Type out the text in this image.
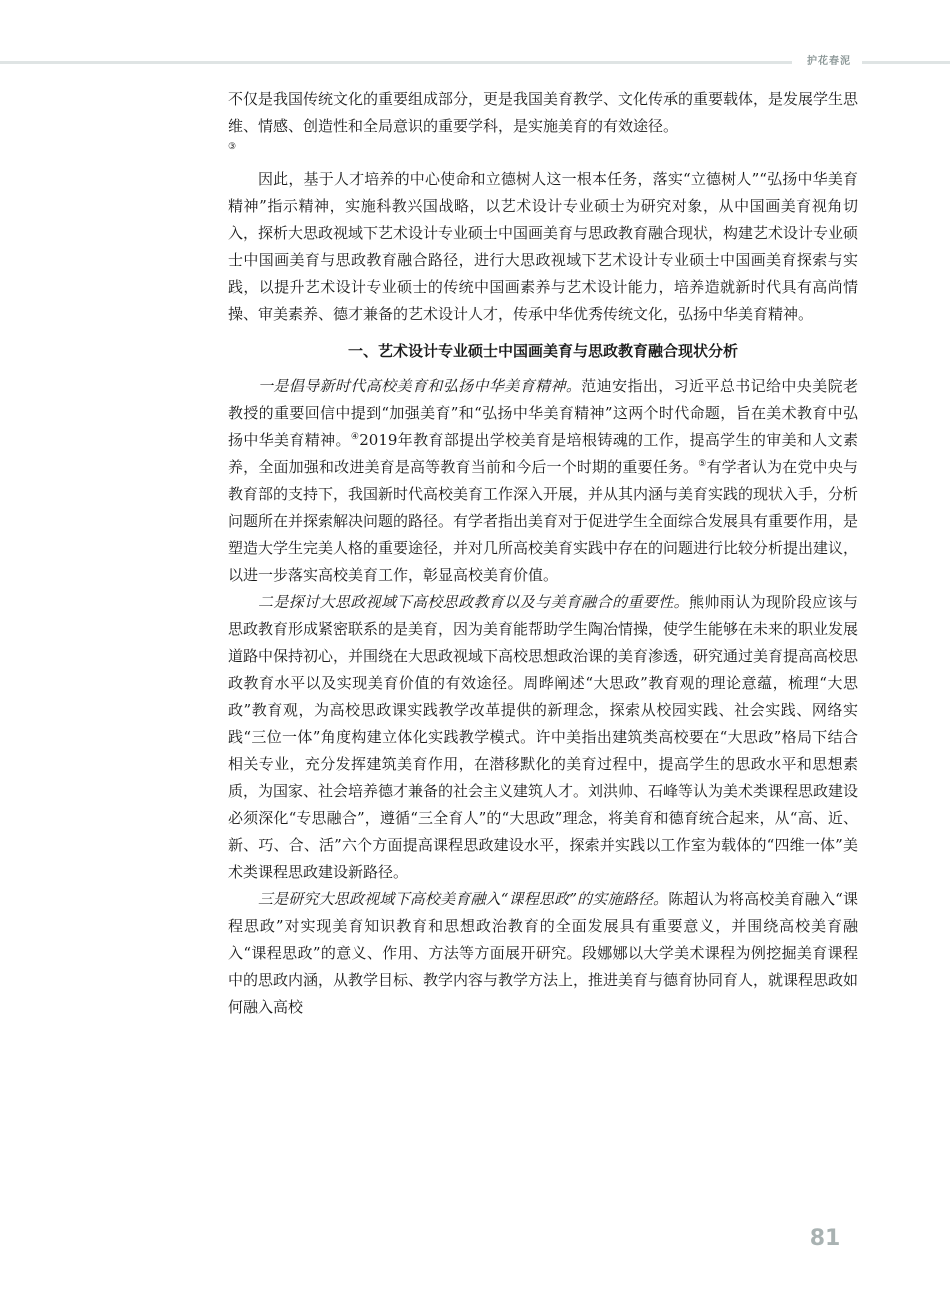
护花春泥

不仅是我国传统文化的重要组成部分，更是我国美育教学、文化传承的重要载体，是发展学生思维、情感、创造性和全局意识的重要学科，是实施美育的有效途径。
③

因此，基于人才培养的中心使命和立德树人这一根本任务，落实“立德树人”“弘扬中华美育精神”指示精神，实施科教兴国战略，以艺术设计专业硕士为研究对象，从中国画美育视角切入，探析大思政视域下艺术设计专业硕士中国画美育与思政教育融合现状，构建艺术设计专业硕士中国画美育与思政教育融合路径，进行大思政视域下艺术设计专业硕士中国画美育探索与实践，以提升艺术设计专业硕士的传统中国画素养与艺术设计能力，培养造就新时代具有高尚情操、审美素养、德才兼备的艺术设计人才，传承中华优秀传统文化，弘扬中华美育精神。

一、艺术设计专业硕士中国画美育与思政教育融合现状分析

一是倡导新时代高校美育和弘扬中华美育精神。范迪安指出，习近平总书记给中央美院老教授的重要回信中提到“加强美育”和“弘扬中华美育精神”这两个时代命题，旨在美术教育中弘扬中华美育精神。④2019年教育部提出学校美育是培根铸魂的工作，提高学生的审美和人文素养，全面加强和改进美育是高等教育当前和今后一个时期的重要任务。⑤有学者认为在党中央与教育部的支持下，我国新时代高校美育工作深入开展，并从其内涵与美育实践的现状入手，分析问题所在并探索解决问题的路径。有学者指出美育对于促进学生全面综合发展具有重要作用，是塑造大学生完美人格的重要途径，并对几所高校美育实践中存在的问题进行比较分析提出建议，以进一步落实高校美育工作，彰显高校美育价值。

二是探讨大思政视域下高校思政教育以及与美育融合的重要性。熊帅雨认为现阶段应该与思政教育形成紧密联系的是美育，因为美育能帮助学生陶冶情操，使学生能够在未来的职业发展道路中保持初心，并围绕在大思政视域下高校思想政治课的美育渗透，研究通过美育提高高校思政教育水平以及实现美育价值的有效途径。周晔阐述“大思政”教育观的理论意蕴，梳理“大思政”教育观，为高校思政课实践教学改革提供的新理念，探索从校园实践、社会实践、网络实践“三位一体”角度构建立体化实践教学模式。许中美指出建筑类高校要在“大思政”格局下结合相关专业，充分发挥建筑美育作用，在潜移默化的美育过程中，提高学生的思政水平和思想素质，为国家、社会培养德才兼备的社会主义建筑人才。刘洪帅、石峰等认为美术类课程思政建设必须深化“专思融合”，遵循“三全育人”的“大思政”理念，将美育和德育统合起来，从“高、近、新、巧、合、活”六个方面提高课程思政建设水平，探索并实践以工作室为载体的“四维一体”美术类课程思政建设新路径。

三是研究大思政视域下高校美育融入“课程思政”的实施路径。陈超认为将高校美育融入“课程思政”对实现美育知识教育和思想政治教育的全面发展具有重要意义，并围绕高校美育融入“课程思政”的意义、作用、方法等方面展开研究。段娜娜以大学美术课程为例挖掘美育课程中的思政内涵，从教学目标、教学内容与教学方法上，推进美育与德育协同育人，就课程思政如何融入高校

81
